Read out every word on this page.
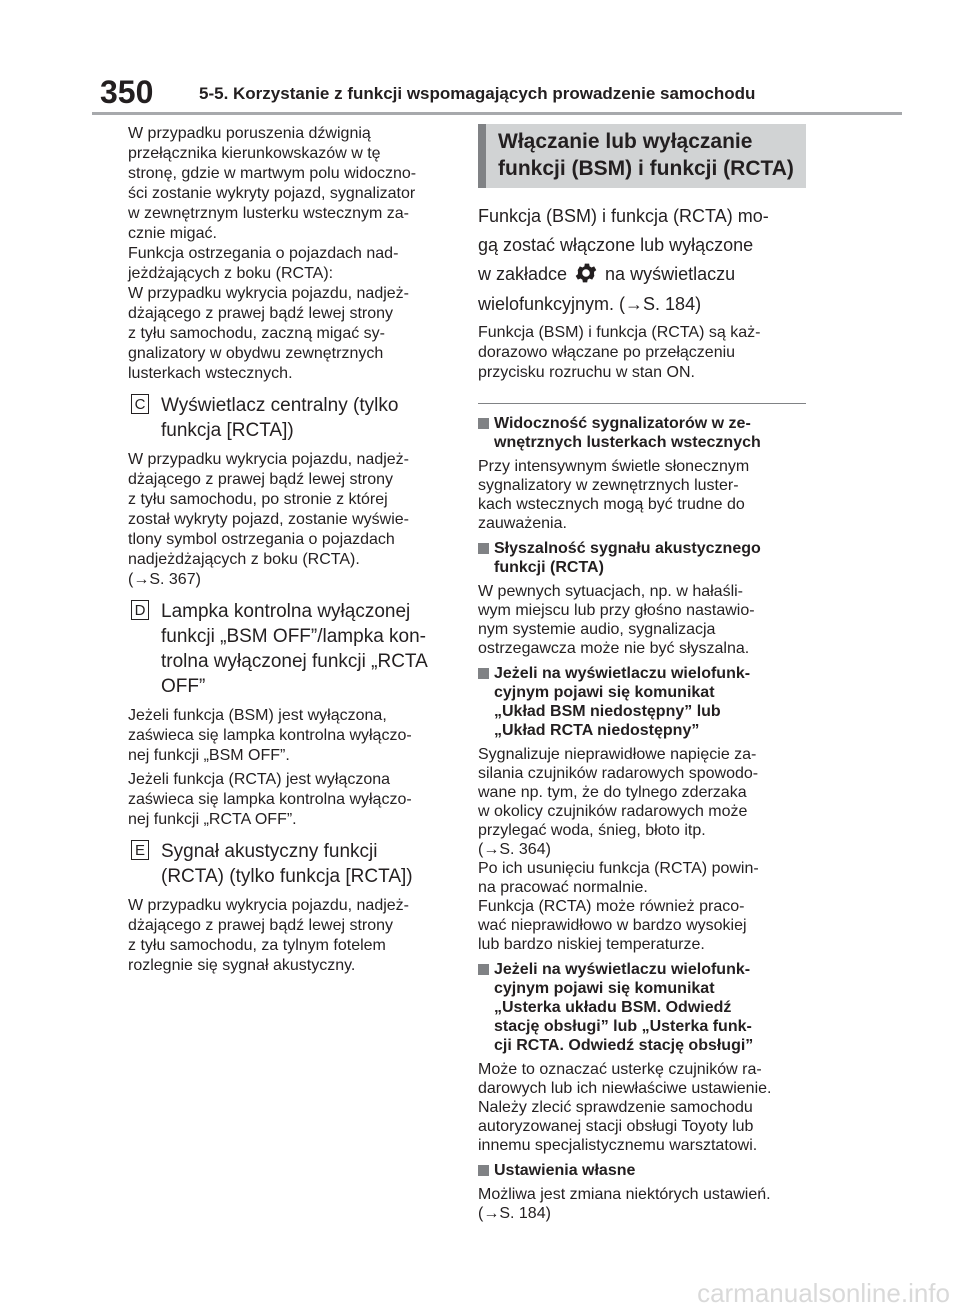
350	5-5. Korzystanie z funkcji wspomagających prowadzenie samochodu
W przypadku poruszenia dźwignią
przełącznika kierunkowskazów w tę
stronę, gdzie w martwym polu widoczno-
ści zostanie wykryty pojazd, sygnalizator
w zewnętrznym lusterku wstecznym za-
cznie migać.
Funkcja ostrzegania o pojazdach nad-
jeżdżających z boku (RCTA):
W przypadku wykrycia pojazdu, nadjeż-
dżającego z prawej bądź lewej strony
z tyłu samochodu, zaczną migać sy-
gnalizatory w obydwu zewnętrznych
lusterkach wstecznych.
C Wyświetlacz centralny (tylko
funkcja [RCTA])
W przypadku wykrycia pojazdu, nadjeż-
dżającego z prawej bądź lewej strony
z tyłu samochodu, po stronie z której
został wykryty pojazd, zostanie wyświe-
tlony symbol ostrzegania o pojazdach
nadjeżdżających z boku (RCTA).
(→S. 367)
D Lampka kontrolna wyłączonej
funkcji „BSM OFF”/lampka kon-
trolna wyłączonej funkcji „RCTA
OFF”
Jeżeli funkcja (BSM) jest wyłączona,
zaświeca się lampka kontrolna wyłączo-
nej funkcji „BSM OFF”.
Jeżeli funkcja (RCTA) jest wyłączona
zaświeca się lampka kontrolna wyłączo-
nej funkcji „RCTA OFF”.
E Sygnał akustyczny funkcji
(RCTA) (tylko funkcja [RCTA])
W przypadku wykrycia pojazdu, nadjeż-
dżającego z prawej bądź lewej strony
z tyłu samochodu, za tylnym fotelem
rozlegnie się sygnał akustyczny.
Włączanie lub wyłączanie
funkcji (BSM) i funkcji (RCTA)
Funkcja (BSM) i funkcja (RCTA) mo-
gą zostać włączone lub wyłączone
w zakładce na wyświetlaczu
wielofunkcyjnym. (→S. 184)
Funkcja (BSM) i funkcja (RCTA) są każ-
dorazowo włączane po przełączeniu
przycisku rozruchu w stan ON.
Widoczność sygnalizatorów w ze-
wnętrznych lusterkach wstecznych
Przy intensywnym świetle słonecznym
sygnalizatory w zewnętrznych luster-
kach wstecznych mogą być trudne do
zauważenia.
Słyszalność sygnału akustycznego
funkcji (RCTA)
W pewnych sytuacjach, np. w hałaśli-
wym miejscu lub przy głośno nastawio-
nym systemie audio, sygnalizacja
ostrzegawcza może nie być słyszalna.
Jeżeli na wyświetlaczu wielofunk-
cyjnym pojawi się komunikat
„Układ BSM niedostępny” lub
„Układ RCTA niedostępny”
Sygnalizuje nieprawidłowe napięcie za-
silania czujników radarowych spowodo-
wane np. tym, że do tylnego zderzaka
w okolicy czujników radarowych może
przylegać woda, śnieg, błoto itp.
(→S. 364)
Po ich usunięciu funkcja (RCTA) powin-
na pracować normalnie.
Funkcja (RCTA) może również praco-
wać nieprawidłowo w bardzo wysokiej
lub bardzo niskiej temperaturze.
Jeżeli na wyświetlaczu wielofunk-
cyjnym pojawi się komunikat
„Usterka układu BSM. Odwiedź
stację obsługi” lub „Usterka funk-
cji RCTA. Odwiedź stację obsługi”
Może to oznaczać usterkę czujników ra-
darowych lub ich niewłaściwe ustawienie.
Należy zlecić sprawdzenie samochodu
autoryzowanej stacji obsługi Toyoty lub
innemu specjalistycznemu warsztatowi.
Ustawienia własne
Możliwa jest zmiana niektórych ustawień.
(→S. 184)
carmanualsonline.info
